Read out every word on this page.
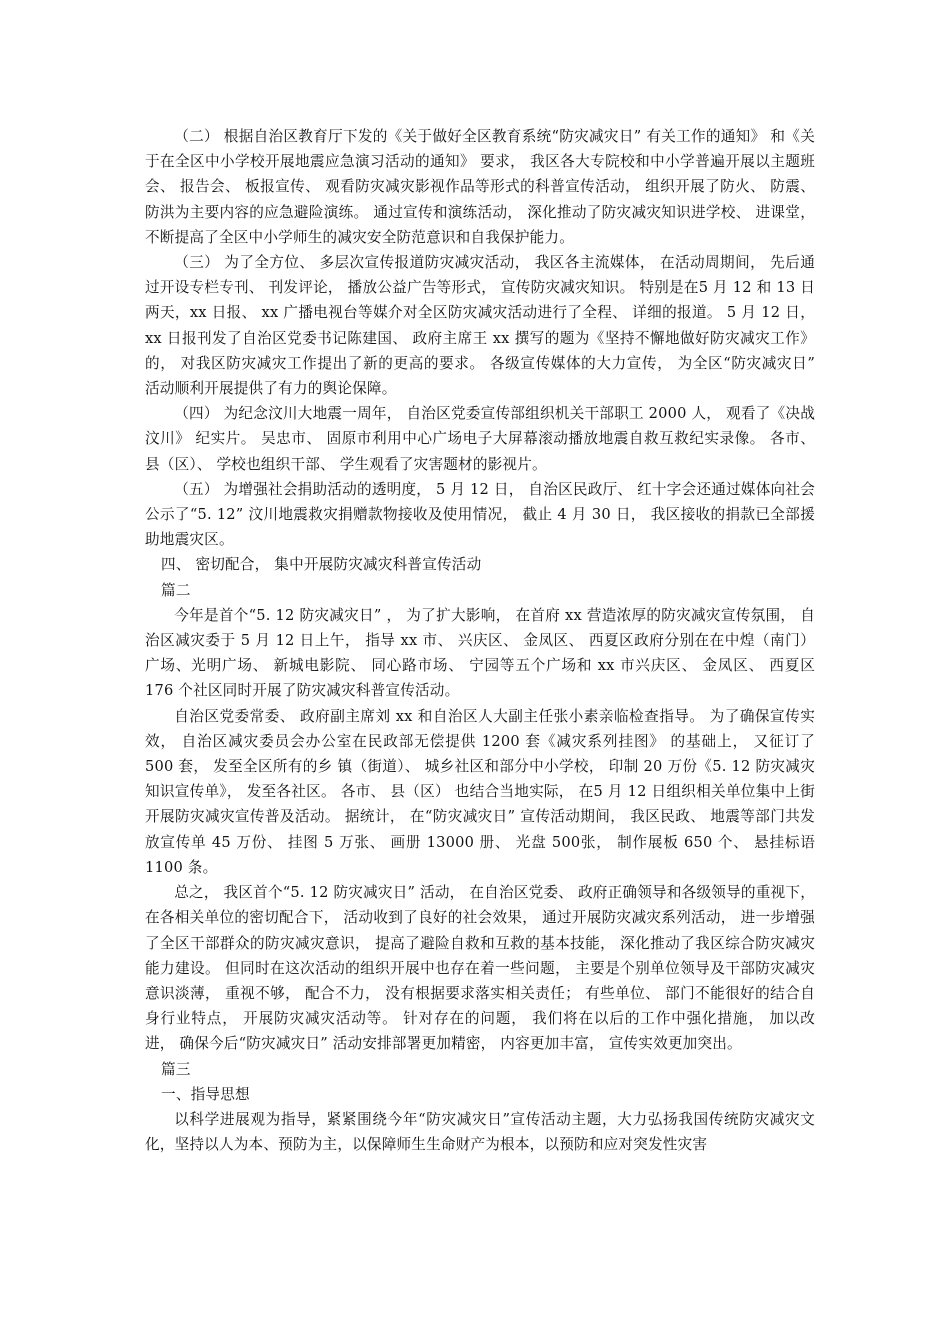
（二） 根据自治区教育厅下发的《关于做好全区教育系统“防灾减灾日” 有关工作的通知》 和《关于在全区中小学校开展地震应急演习活动的通知》 要求， 我区各大专院校和中小学普遍开展以主题班会、 报告会、 板报宣传、 观看防灾减灾影视作品等形式的科普宣传活动， 组织开展了防火、 防震、 防洪为主要内容的应急避险演练。 通过宣传和演练活动， 深化推动了防灾减灾知识进学校、 进课堂， 不断提高了全区中小学师生的减灾安全防范意识和自我保护能力。

（三） 为了全方位、 多层次宣传报道防灾减灾活动， 我区各主流媒体， 在活动周期间， 先后通过开设专栏专刊、 刊发评论， 播放公益广告等形式， 宣传防灾减灾知识。 特别是在5 月 12 和 13 日两天，xx 日报、 xx 广播电视台等媒介对全区防灾减灾活动进行了全程、 详细的报道。 5 月 12 日， xx 日报刊发了自治区党委书记陈建国、 政府主席王 xx 撰写的题为《坚持不懈地做好防灾减灾工作》 的， 对我区防灾减灾工作提出了新的更高的要求。 各级宣传媒体的大力宣传， 为全区“防灾减灾日” 活动顺利开展提供了有力的舆论保障。

（四） 为纪念汶川大地震一周年， 自治区党委宣传部组织机关干部职工 2000 人， 观看了《决战汶川》 纪实片。 吴忠市、 固原市利用中心广场电子大屏幕滚动播放地震自救互救纪实录像。 各市、 县（区）、 学校也组织干部、 学生观看了灾害题材的影视片。

（五） 为增强社会捐助活动的透明度， 5 月 12 日， 自治区民政厅、 红十字会还通过媒体向社会公示了“5. 12” 汶川地震救灾捐赠款物接收及使用情况， 截止 4 月 30 日， 我区接收的捐款已全部援助地震灾区。

四、 密切配合， 集中开展防灾减灾科普宣传活动

篇二

今年是首个“5. 12 防灾减灾日” ， 为了扩大影响， 在首府 xx 营造浓厚的防灾减灾宣传氛围， 自治区减灾委于 5 月 12 日上午， 指导 xx 市、 兴庆区、 金凤区、 西夏区政府分别在在中煌（南门） 广场、光明广场、 新城电影院、 同心路市场、 宁园等五个广场和 xx 市兴庆区、 金凤区、 西夏区 176 个社区同时开展了防灾减灾科普宣传活动。

自治区党委常委、 政府副主席刘 xx 和自治区人大副主任张小素亲临检查指导。 为了确保宣传实效， 自治区减灾委员会办公室在民政部无偿提供 1200 套《减灾系列挂图》 的基础上， 又征订了 500 套， 发至全区所有的乡 镇（街道）、 城乡社区和部分中小学校， 印制 20 万份《5. 12 防灾减灾知识宣传单》， 发至各社区。 各市、 县（区） 也结合当地实际， 在5 月 12 日组织相关单位集中上街开展防灾减灾宣传普及活动。 据统计， 在“防灾减灾日” 宣传活动期间， 我区民政、 地震等部门共发放宣传单 45 万份、 挂图 5 万张、 画册 13000 册、 光盘 500张， 制作展板 650 个、 悬挂标语 1100 条。

总之， 我区首个“5. 12 防灾减灾日” 活动， 在自治区党委、 政府正确领导和各级领导的重视下， 在各相关单位的密切配合下， 活动收到了良好的社会效果， 通过开展防灾减灾系列活动， 进一步增强了全区干部群众的防灾减灾意识， 提高了避险自救和互救的基本技能， 深化推动了我区综合防灾减灾能力建设。 但同时在这次活动的组织开展中也存在着一些问题， 主要是个别单位领导及干部防灾减灾意识淡薄， 重视不够， 配合不力， 没有根据要求落实相关责任； 有些单位、 部门不能很好的结合自身行业特点， 开展防灾减灾活动等。 针对存在的问题， 我们将在以后的工作中强化措施， 加以改进， 确保今后“防灾减灾日” 活动安排部署更加精密， 内容更加丰富， 宣传实效更加突出。

篇三

一、指导思想

以科学进展观为指导，紧紧围绕今年“防灾减灾日”宣传活动主题，大力弘扬我国传统防灾减灾文化，坚持以人为本、预防为主，以保障师生生命财产为根本，以预防和应对突发性灾害
